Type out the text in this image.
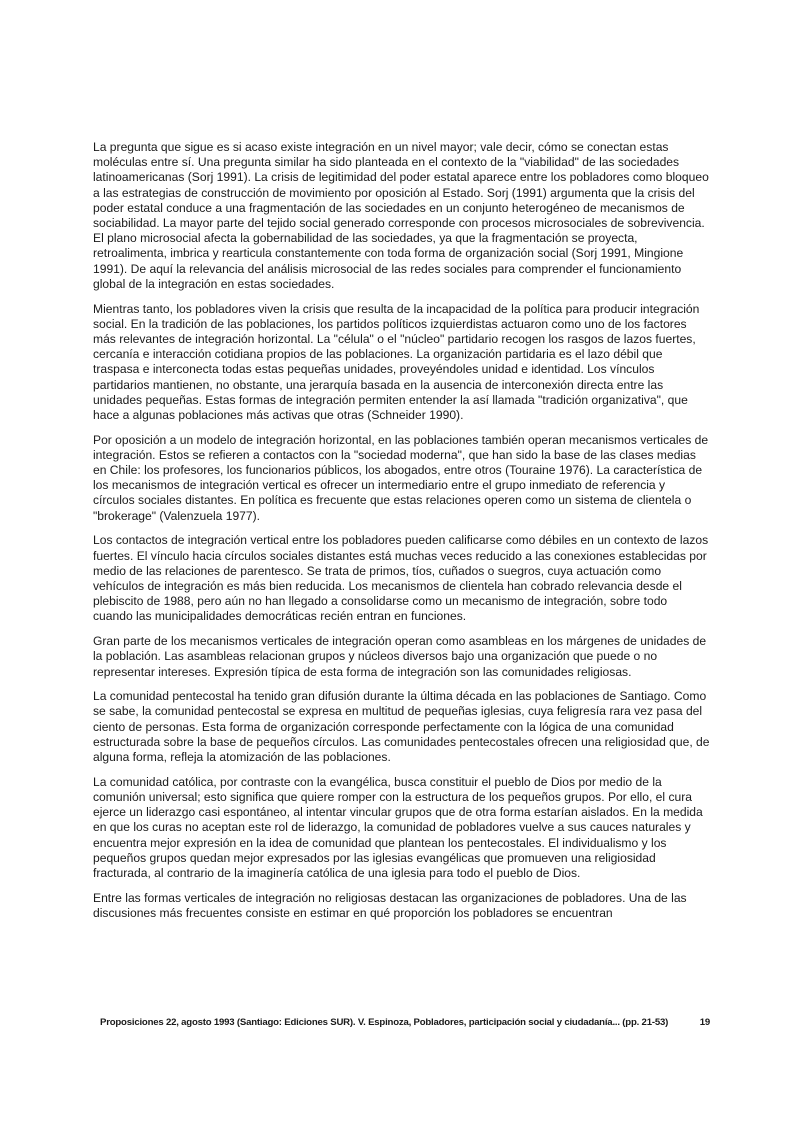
La pregunta que sigue es si acaso existe integración en un nivel mayor; vale decir, cómo se conectan estas moléculas entre sí. Una pregunta similar ha sido planteada en el contexto de la "viabilidad" de las sociedades latinoamericanas (Sorj 1991). La crisis de legitimidad del poder estatal aparece entre los pobladores como bloqueo a las estrategias de construcción de movimiento por oposición al Estado. Sorj (1991) argumenta que la crisis del poder estatal conduce a una fragmentación de las sociedades en un conjunto heterogéneo de mecanismos de sociabilidad. La mayor parte del tejido social generado corresponde con procesos microsociales de sobrevivencia. El plano microsocial afecta la gobernabilidad de las sociedades, ya que la fragmentación se proyecta, retroalimenta, imbrica y rearticula constantemente con toda forma de organización social (Sorj 1991, Mingione 1991). De aquí la relevancia del análisis microsocial de las redes sociales para comprender el funcionamiento global de la integración en estas sociedades.

Mientras tanto, los pobladores viven la crisis que resulta de la incapacidad de la política para producir integración social. En la tradición de las poblaciones, los partidos políticos izquierdistas actuaron como uno de los factores más relevantes de integración horizontal. La "célula" o el "núcleo" partidario recogen los rasgos de lazos fuertes, cercanía e interacción cotidiana propios de las poblaciones. La organización partidaria es el lazo débil que traspasa e interconecta todas estas pequeñas unidades, proveyéndoles unidad e identidad. Los vínculos partidarios mantienen, no obstante, una jerarquía basada en la ausencia de interconexión directa entre las unidades pequeñas. Estas formas de integración permiten entender la así llamada "tradición organizativa", que hace a algunas poblaciones más activas que otras (Schneider 1990).

Por oposición a un modelo de integración horizontal, en las poblaciones también operan mecanismos verticales de integración. Estos se refieren a contactos con la "sociedad moderna", que han sido la base de las clases medias en Chile: los profesores, los funcionarios públicos, los abogados, entre otros (Touraine 1976). La característica de los mecanismos de integración vertical es ofrecer un intermediario entre el grupo inmediato de referencia y círculos sociales distantes. En política es frecuente que estas relaciones operen como un sistema de clientela o "brokerage" (Valenzuela 1977).

Los contactos de integración vertical entre los pobladores pueden calificarse como débiles en un contexto de lazos fuertes. El vínculo hacia círculos sociales distantes está muchas veces reducido a las conexiones establecidas por medio de las relaciones de parentesco. Se trata de primos, tíos, cuñados o suegros, cuya actuación como vehículos de integración es más bien reducida. Los mecanismos de clientela han cobrado relevancia desde el plebiscito de 1988, pero aún no han llegado a consolidarse como un mecanismo de integración, sobre todo cuando las municipalidades democráticas recién entran en funciones.

Gran parte de los mecanismos verticales de integración operan como asambleas en los márgenes de unidades de la población. Las asambleas relacionan grupos y núcleos diversos bajo una organización que puede o no representar intereses. Expresión típica de esta forma de integración son las comunidades religiosas.

La comunidad pentecostal ha tenido gran difusión durante la última década en las poblaciones de Santiago. Como se sabe, la comunidad pentecostal se expresa en multitud de pequeñas iglesias, cuya feligresía rara vez pasa del ciento de personas. Esta forma de organización corresponde perfectamente con la lógica de una comunidad estructurada sobre la base de pequeños círculos. Las comunidades pentecostales ofrecen una religiosidad que, de alguna forma, refleja la atomización de las poblaciones.

La comunidad católica, por contraste con la evangélica, busca constituir el pueblo de Dios por medio de la comunión universal; esto significa que quiere romper con la estructura de los pequeños grupos. Por ello, el cura ejerce un liderazgo casi espontáneo, al intentar vincular grupos que de otra forma estarían aislados. En la medida en que los curas no aceptan este rol de liderazgo, la comunidad de pobladores vuelve a sus cauces naturales y encuentra mejor expresión en la idea de comunidad que plantean los pentecostales. El individualismo y los pequeños grupos quedan mejor expresados por las iglesias evangélicas que promueven una religiosidad fracturada, al contrario de la imaginería católica de una iglesia para todo el pueblo de Dios.

Entre las formas verticales de integración no religiosas destacan las organizaciones de pobladores. Una de las discusiones más frecuentes consiste en estimar en qué proporción los pobladores se encuentran

Proposiciones 22, agosto 1993 (Santiago: Ediciones SUR). V. Espinoza, Pobladores, participación social y ciudadanía... (pp. 21-53)	19
